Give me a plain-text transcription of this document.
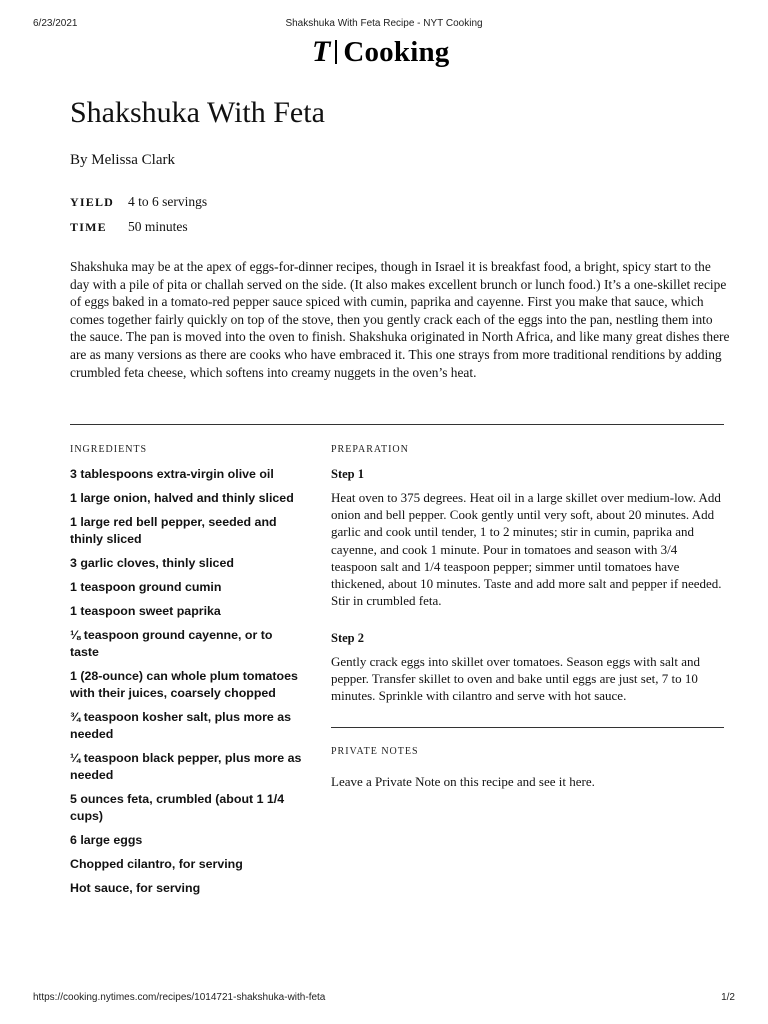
6/23/2021	Shakshuka With Feta Recipe - NYT Cooking
T Cooking
Shakshuka With Feta
By Melissa Clark
YIELD	4 to 6 servings
TIME	50 minutes

Shakshuka may be at the apex of eggs-for-dinner recipes, though in Israel it is breakfast food, a bright, spicy start to the day with a pile of pita or challah served on the side. (It also makes excellent brunch or lunch food.) It’s a one-skillet recipe of eggs baked in a tomato-red pepper sauce spiced with cumin, paprika and cayenne. First you make that sauce, which comes together fairly quickly on top of the stove, then you gently crack each of the eggs into the pan, nestling them into the sauce. The pan is moved into the oven to finish. Shakshuka originated in North Africa, and like many great dishes there are as many versions as there are cooks who have embraced it. This one strays from more traditional renditions by adding crumbled feta cheese, which softens into creamy nuggets in the oven’s heat.

INGREDIENTS
3 tablespoons extra-virgin olive oil
1 large onion, halved and thinly sliced
1 large red bell pepper, seeded and thinly sliced
3 garlic cloves, thinly sliced
1 teaspoon ground cumin
1 teaspoon sweet paprika
⅛ teaspoon ground cayenne, or to taste
1 (28-ounce) can whole plum tomatoes with their juices, coarsely chopped
¾ teaspoon kosher salt, plus more as needed
¼ teaspoon black pepper, plus more as needed
5 ounces feta, crumbled (about 1 1/4 cups)
6 large eggs
Chopped cilantro, for serving
Hot sauce, for serving
PREPARATION
Step 1

Heat oven to 375 degrees. Heat oil in a large skillet over medium-low. Add onion and bell pepper. Cook gently until very soft, about 20 minutes. Add garlic and cook until tender, 1 to 2 minutes; stir in cumin, paprika and cayenne, and cook 1 minute. Pour in tomatoes and season with 3/4 teaspoon salt and 1/4 teaspoon pepper; simmer until tomatoes have thickened, about 10 minutes. Taste and add more salt and pepper if needed. Stir in crumbled feta.

Step 2

Gently crack eggs into skillet over tomatoes. Season eggs with salt and pepper. Transfer skillet to oven and bake until eggs are just set, 7 to 10 minutes. Sprinkle with cilantro and serve with hot sauce.

PRIVATE NOTES
Leave a Private Note on this recipe and see it here.
https://cooking.nytimes.com/recipes/1014721-shakshuka-with-feta	1/2
